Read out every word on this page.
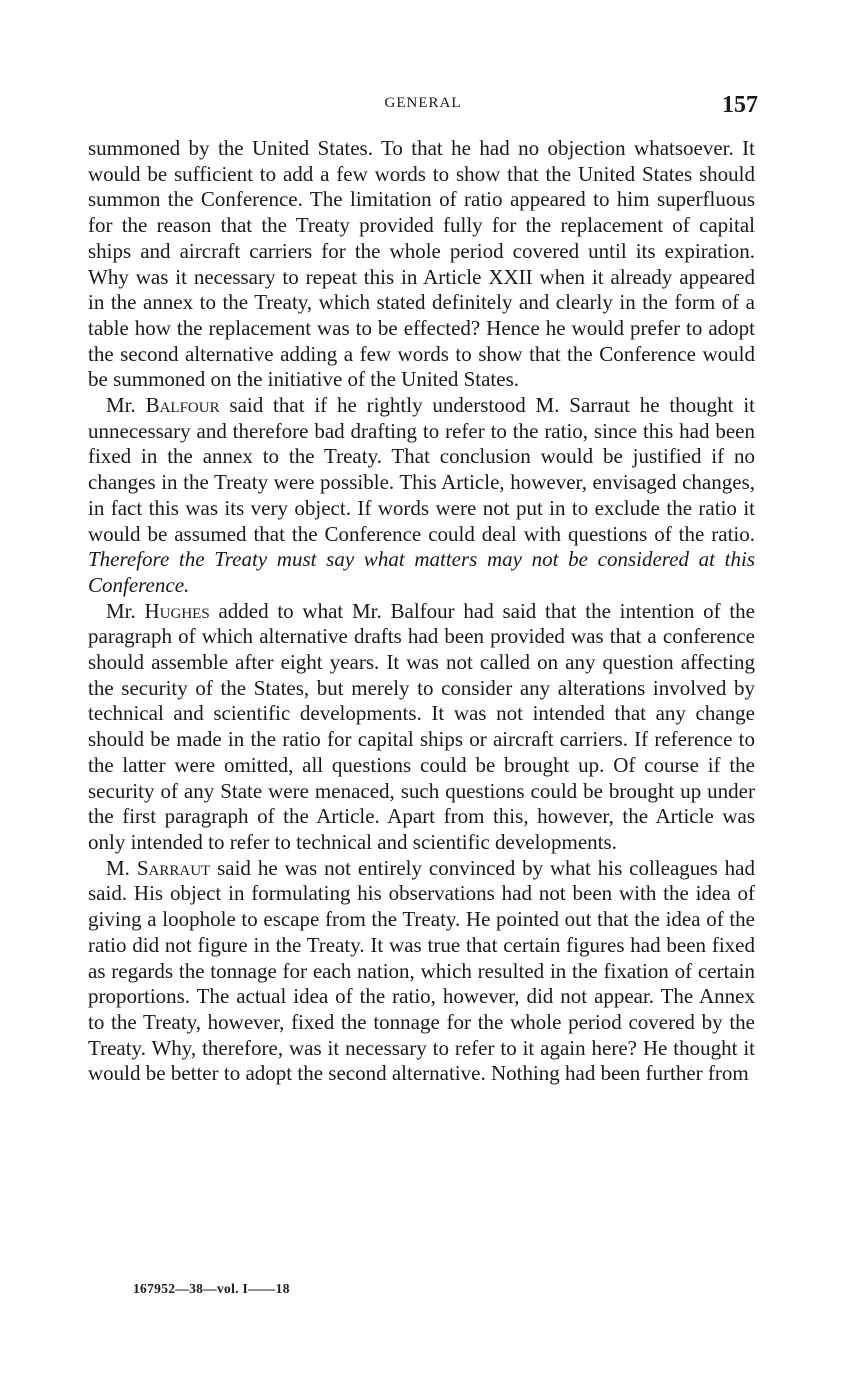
GENERAL	157

summoned by the United States. To that he had no objection whatsoever. It would be sufficient to add a few words to show that the United States should summon the Conference. The limitation of ratio appeared to him superfluous for the reason that the Treaty provided fully for the replacement of capital ships and aircraft carriers for the whole period covered until its expiration. Why was it necessary to repeat this in Article XXII when it already appeared in the annex to the Treaty, which stated definitely and clearly in the form of a table how the replacement was to be effected? Hence he would prefer to adopt the second alternative adding a few words to show that the Conference would be summoned on the initiative of the United States.

Mr. Balfour said that if he rightly understood M. Sarraut he thought it unnecessary and therefore bad drafting to refer to the ratio, since this had been fixed in the annex to the Treaty. That conclusion would be justified if no changes in the Treaty were possible. This Article, however, envisaged changes, in fact this was its very object. If words were not put in to exclude the ratio it would be assumed that the Conference could deal with questions of the ratio. Therefore the Treaty must say what matters may not be considered at this Conference.

Mr. Hughes added to what Mr. Balfour had said that the intention of the paragraph of which alternative drafts had been provided was that a conference should assemble after eight years. It was not called on any question affecting the security of the States, but merely to consider any alterations involved by technical and scientific developments. It was not intended that any change should be made in the ratio for capital ships or aircraft carriers. If reference to the latter were omitted, all questions could be brought up. Of course if the security of any State were menaced, such questions could be brought up under the first paragraph of the Article. Apart from this, however, the Article was only intended to refer to technical and scientific developments.

M. Sarraut said he was not entirely convinced by what his colleagues had said. His object in formulating his observations had not been with the idea of giving a loophole to escape from the Treaty. He pointed out that the idea of the ratio did not figure in the Treaty. It was true that certain figures had been fixed as regards the tonnage for each nation, which resulted in the fixation of certain proportions. The actual idea of the ratio, however, did not appear. The Annex to the Treaty, however, fixed the tonnage for the whole period covered by the Treaty. Why, therefore, was it necessary to refer to it again here? He thought it would be better to adopt the second alternative. Nothing had been further from

167952—38—vol. I——18
